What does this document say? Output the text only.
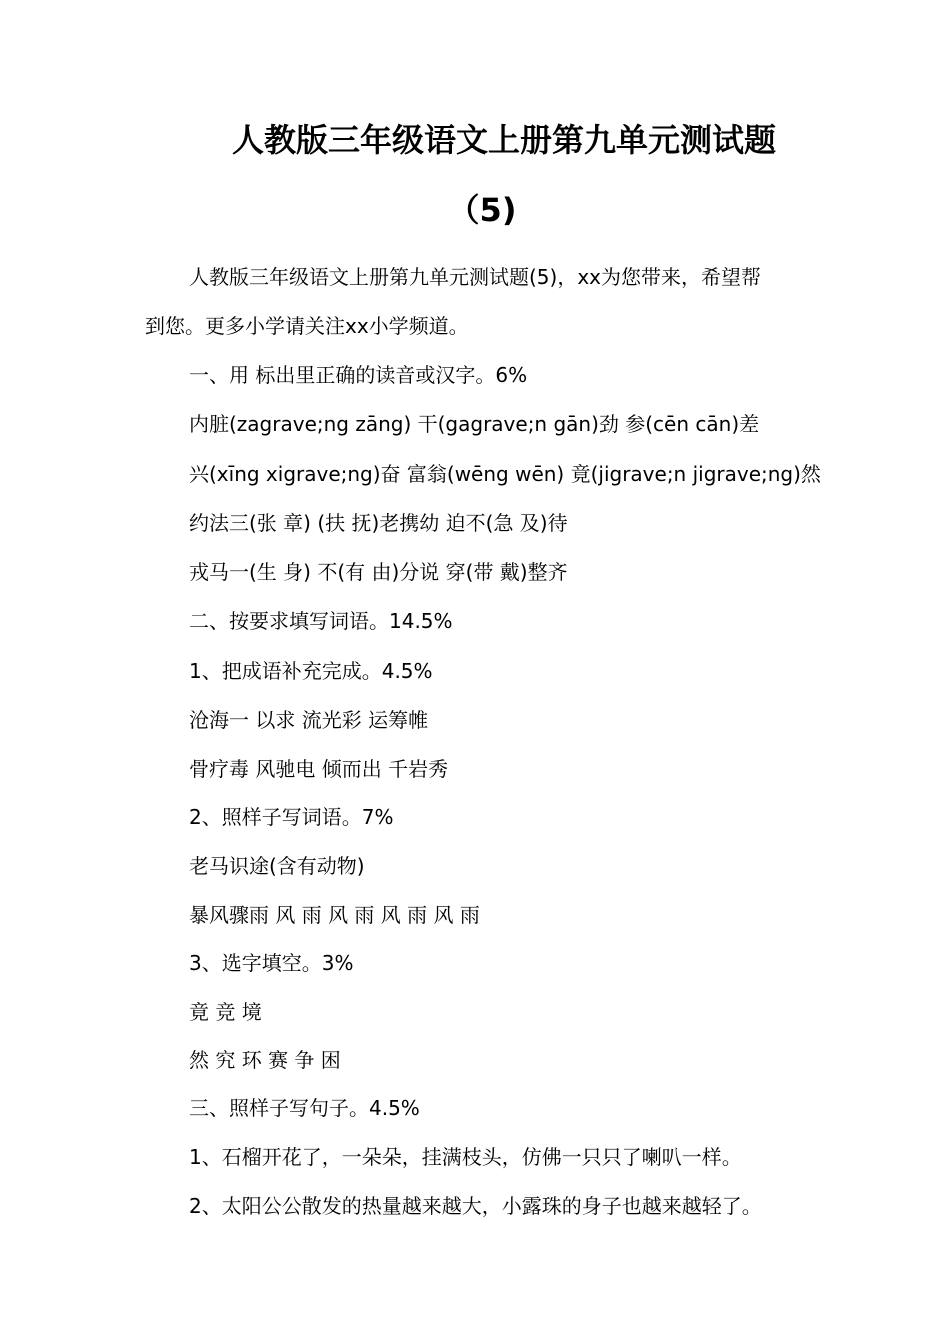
人教版三年级语文上册第九单元测试题
（5)

人教版三年级语文上册第九单元测试题(5)，xx为您带来，希望帮

到您。更多小学请关注xx小学频道。

一、用 标出里正确的读音或汉字。6%

内脏(zagrave;ng zāng) 干(gagrave;n gān)劲 参(cēn cān)差

兴(xīng xigrave;ng)奋 富翁(wēng wēn) 竟(jigrave;n jigrave;ng)然

约法三(张 章) (扶 抚)老携幼 迫不(急 及)待

戎马一(生 身) 不(有 由)分说 穿(带 戴)整齐

二、按要求填写词语。14.5%

1、把成语补充完成。4.5%

沧海一 以求 流光彩 运筹帷

骨疗毒 风驰电 倾而出 千岩秀

2、照样子写词语。7%

老马识途(含有动物)

暴风骤雨 风 雨 风 雨 风 雨 风 雨

3、选字填空。3%

竟 竞 境

然 究 环 赛 争 困

三、照样子写句子。4.5%

1、石榴开花了，一朵朵，挂满枝头，仿佛一只只了喇叭一样。

2、太阳公公散发的热量越来越大，小露珠的身子也越来越轻了。
